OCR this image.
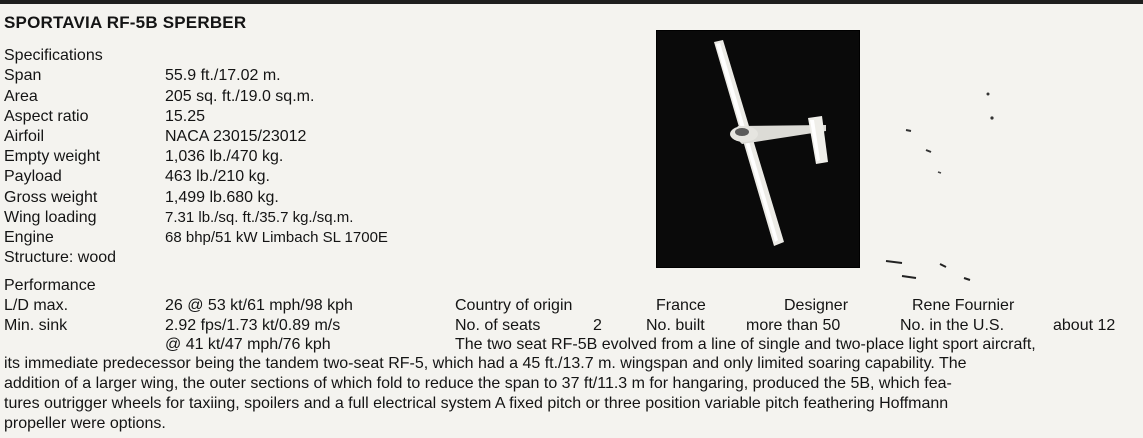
SPORTAVIA RF-5B SPERBER
Specifications
Span	55.9 ft./17.02 m.
Area	205 sq. ft./19.0 sq.m.
Aspect ratio	15.25
Airfoil	NACA 23015/23012
Empty weight	1,036 lb./470 kg.
Payload	463 lb./210 kg.
Gross weight	1,499 lb.680 kg.
Wing loading	7.31 lb./sq. ft./35.7 kg./sq.m.
Engine	68 bhp/51 kW Limbach SL 1700E
Structure: wood
Performance
L/D max.	26 @ 53 kt/61 mph/98 kph
Min. sink	2.92 fps/1.73 kt/0.89 m/s
@ 41 kt/47 mph/76 kph
Country of origin	France	Designer	Rene Fournier
No. of seats	2	No. built	more than 50	No. in the U.S.	about 12
The two seat RF-5B evolved from a line of single and two-place light sport aircraft,
its immediate predecessor being the tandem two-seat RF-5, which had a 45 ft./13.7 m. wingspan and only limited soaring capability. The
addition of a larger wing, the outer sections of which fold to reduce the span to 37 ft/11.3 m for hangaring, produced the 5B, which fea-
tures outrigger wheels for taxiing, spoilers and a full electrical system A fixed pitch or three position variable pitch feathering Hoffmann
propeller were options.
